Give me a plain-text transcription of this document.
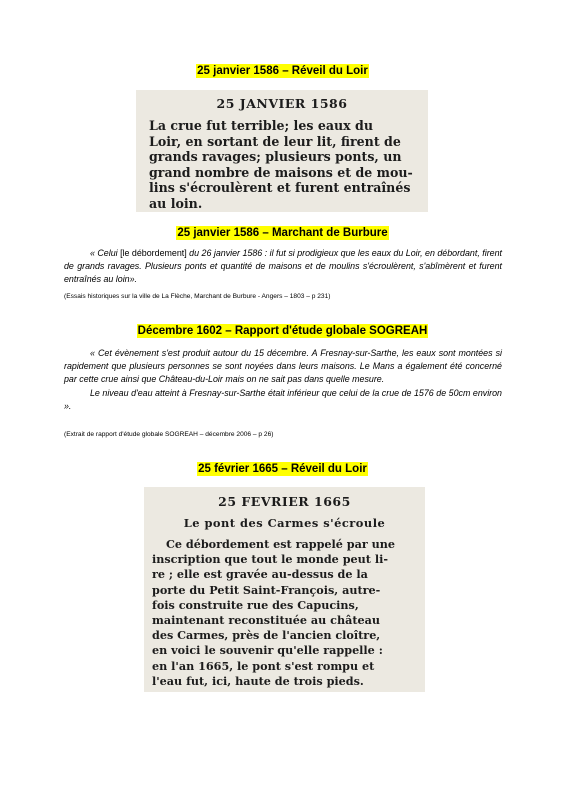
25 janvier 1586 – Réveil du Loir
25 JANVIER 1586
La crue fut terrible; les eaux du
Loir, en sortant de leur lit, firent de
grands ravages; plusieurs ponts, un
grand nombre de maisons et de mou-
lins s'écroulèrent et furent entraînés
au loin.
25 janvier 1586 – Marchant de Burbure

« Celui [le débordement] du 26 janvier 1586 : il fut si prodigieux que les eaux du Loir, en débordant, firent de grands ravages. Plusieurs ponts et quantité de maisons et de moulins s'écroulèrent, s'abîmèrent et furent entraînés au loin».

(Essais historiques sur la ville de La Flèche, Marchant de Burbure - Angers – 1803 – p 231)
Décembre 1602 – Rapport d'étude globale SOGREAH

« Cet évènement s'est produit autour du 15 décembre. A Fresnay-sur-Sarthe, les eaux sont montées si rapidement que plusieurs personnes se sont noyées dans leurs maisons. Le Mans a également été concerné par cette crue ainsi que Château-du-Loir mais on ne sait pas dans quelle mesure.

Le niveau d'eau atteint à Fresnay-sur-Sarthe était inférieur que celui de la crue de 1576 de 50cm environ ».

(Extrait de rapport d'étude globale SOGREAH – décembre 2006 – p 26)
25 février 1665 – Réveil du Loir
25 FEVRIER 1665
Le pont des Carmes s'écroule
Ce débordement est rappelé par une
inscription que tout le monde peut li-
re ; elle est gravée au-dessus de la
porte du Petit Saint-François, autre-
fois construite rue des Capucins,
maintenant reconstituée au château
des Carmes, près de l'ancien cloître,
en voici le souvenir qu'elle rappelle :
en l'an 1665, le pont s'est rompu et
l'eau fut, ici, haute de trois pieds.
